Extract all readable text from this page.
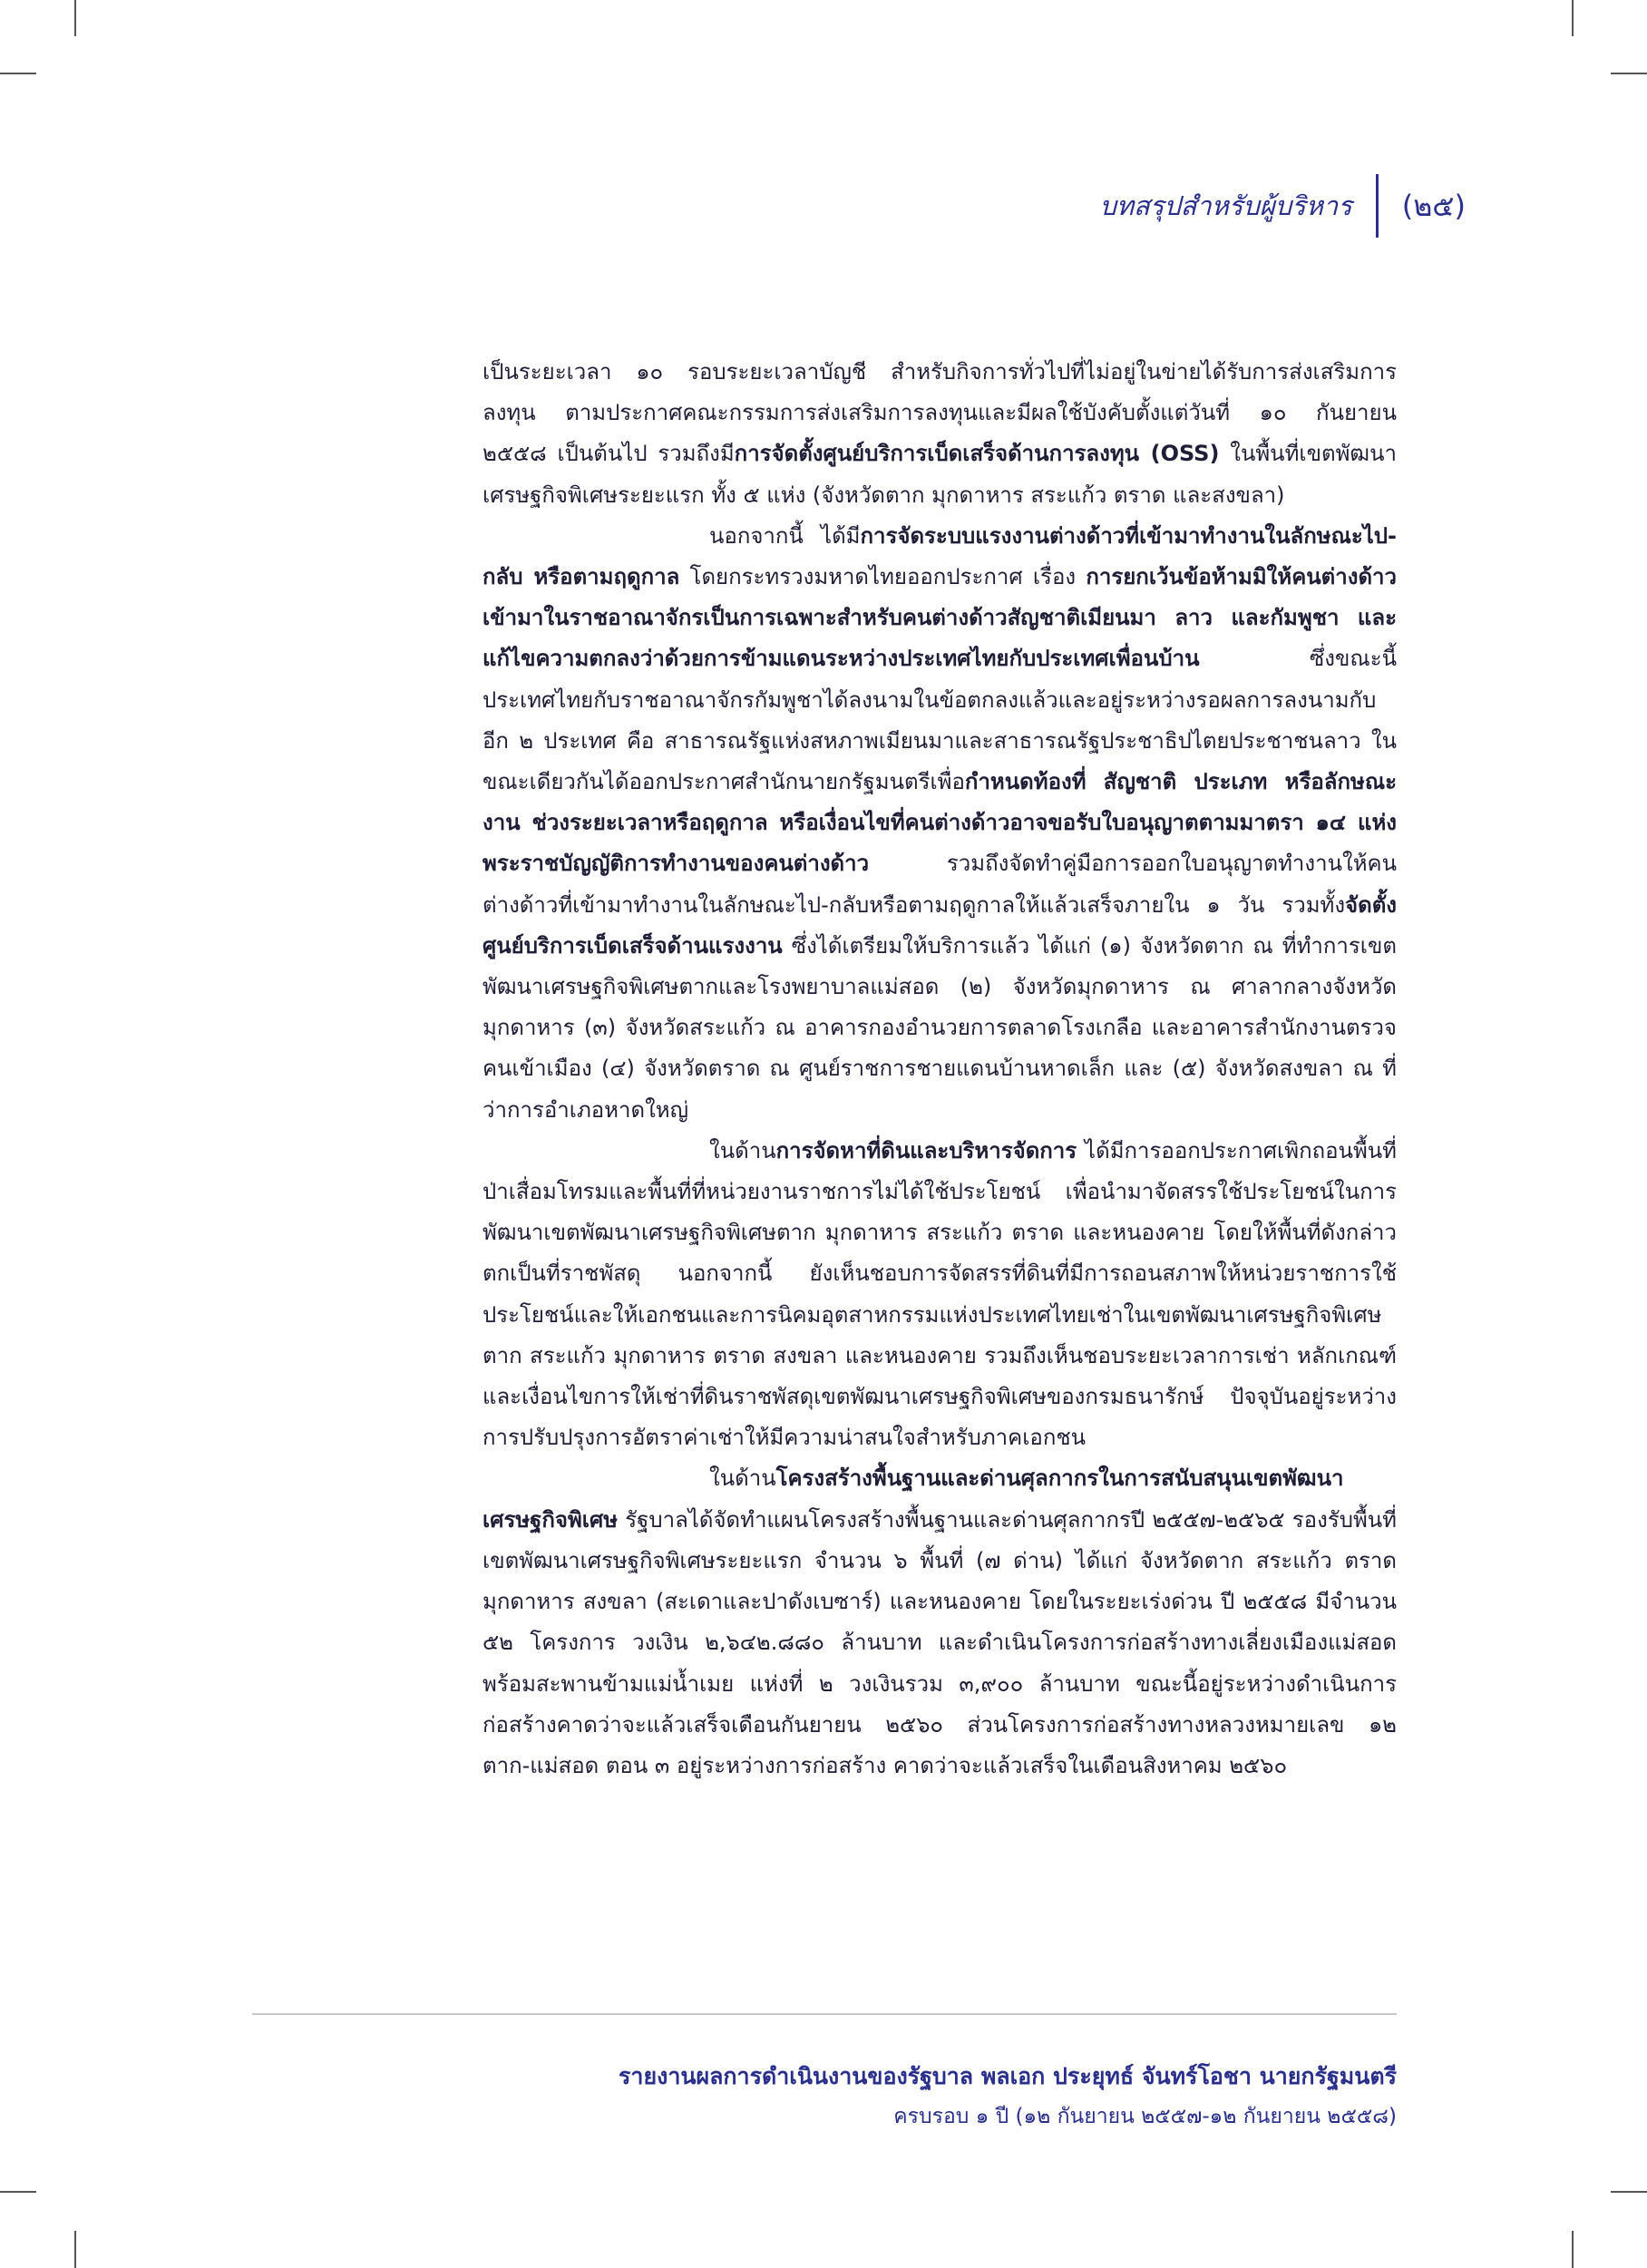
บทสรุปสำหรับผู้บริหาร (๒๕)

เป็นระยะเวลา ๑๐ รอบระยะเวลาบัญชี สำหรับกิจการทั่วไปที่ไม่อยู่ในข่ายได้รับการส่งเสริมการลงทุน ตามประกาศคณะกรรมการส่งเสริมการลงทุนและมีผลใช้บังคับตั้งแต่วันที่ ๑๐ กันยายน ๒๕๕๘ เป็นต้นไป รวมถึงมีการจัดตั้งศูนย์บริการเบ็ดเสร็จด้านการลงทุน (OSS) ในพื้นที่เขตพัฒนาเศรษฐกิจพิเศษระยะแรก ทั้ง ๕ แห่ง (จังหวัดตาก มุกดาหาร สระแก้ว ตราด และสงขลา)

นอกจากนี้ ได้มีการจัดระบบแรงงานต่างด้าวที่เข้ามาทำงานในลักษณะไป-กลับ หรือตามฤดูกาล โดยกระทรวงมหาดไทยออกประกาศ เรื่อง การยกเว้นข้อห้ามมิให้คนต่างด้าวเข้ามาในราชอาณาจักรเป็นการเฉพาะสำหรับคนต่างด้าวสัญชาติเมียนมา ลาว และกัมพูชา และแก้ไขความตกลงว่าด้วยการข้ามแดนระหว่างประเทศไทยกับประเทศเพื่อนบ้าน ซึ่งขณะนี้ประเทศไทยกับราชอาณาจักรกัมพูชาได้ลงนามในข้อตกลงแล้วและอยู่ระหว่างรอผลการลงนามกับอีก ๒ ประเทศ คือ สาธารณรัฐแห่งสหภาพเมียนมาและสาธารณรัฐประชาธิปไตยประชาชนลาว ในขณะเดียวกันได้ออกประกาศสำนักนายกรัฐมนตรีเพื่อกำหนดท้องที่ สัญชาติ ประเภท หรือลักษณะงาน ช่วงระยะเวลาหรือฤดูกาล หรือเงื่อนไขที่คนต่างด้าวอาจขอรับใบอนุญาตตามมาตรา ๑๔ แห่งพระราชบัญญัติการทำงานของคนต่างด้าว รวมถึงจัดทำคู่มือการออกใบอนุญาตทำงานให้คนต่างด้าวที่เข้ามาทำงานในลักษณะไป-กลับหรือตามฤดูกาลให้แล้วเสร็จภายใน ๑ วัน รวมทั้งจัดตั้งศูนย์บริการเบ็ดเสร็จด้านแรงงาน ซึ่งได้เตรียมให้บริการแล้ว ได้แก่ (๑) จังหวัดตาก ณ ที่ทำการเขตพัฒนาเศรษฐกิจพิเศษตากและโรงพยาบาลแม่สอด (๒) จังหวัดมุกดาหาร ณ ศาลากลางจังหวัดมุกดาหาร (๓) จังหวัดสระแก้ว ณ อาคารกองอำนวยการตลาดโรงเกลือ และอาคารสำนักงานตรวจคนเข้าเมือง (๔) จังหวัดตราด ณ ศูนย์ราชการชายแดนบ้านหาดเล็ก และ (๕) จังหวัดสงขลา ณ ที่ว่าการอำเภอหาดใหญ่

ในด้านการจัดหาที่ดินและบริหารจัดการ ได้มีการออกประกาศเพิกถอนพื้นที่ป่าเสื่อมโทรมและพื้นที่ที่หน่วยงานราชการไม่ได้ใช้ประโยชน์ เพื่อนำมาจัดสรรใช้ประโยชน์ในการพัฒนาเขตพัฒนาเศรษฐกิจพิเศษตาก มุกดาหาร สระแก้ว ตราด และหนองคาย โดยให้พื้นที่ดังกล่าวตกเป็นที่ราชพัสดุ นอกจากนี้ ยังเห็นชอบการจัดสรรที่ดินที่มีการถอนสภาพให้หน่วยราชการใช้ประโยชน์และให้เอกชนและการนิคมอุตสาหกรรมแห่งประเทศไทยเช่าในเขตพัฒนาเศรษฐกิจพิเศษตาก สระแก้ว มุกดาหาร ตราด สงขลา และหนองคาย รวมถึงเห็นชอบระยะเวลาการเช่า หลักเกณฑ์ และเงื่อนไขการให้เช่าที่ดินราชพัสดุเขตพัฒนาเศรษฐกิจพิเศษของกรมธนารักษ์ ปัจจุบันอยู่ระหว่างการปรับปรุงการอัตราค่าเช่าให้มีความน่าสนใจสำหรับภาคเอกชน

ในด้านโครงสร้างพื้นฐานและด่านศุลกากรในการสนับสนุนเขตพัฒนาเศรษฐกิจพิเศษ รัฐบาลได้จัดทำแผนโครงสร้างพื้นฐานและด่านศุลกากรปี ๒๕๕๗-๒๕๖๕ รองรับพื้นที่เขตพัฒนาเศรษฐกิจพิเศษระยะแรก จำนวน ๖ พื้นที่ (๗ ด่าน) ได้แก่ จังหวัดตาก สระแก้ว ตราด มุกดาหาร สงขลา (สะเดาและปาดังเบซาร์) และหนองคาย โดยในระยะเร่งด่วน ปี ๒๕๕๘ มีจำนวน ๕๒ โครงการ วงเงิน ๒,๖๔๒.๘๘๐ ล้านบาท และดำเนินโครงการก่อสร้างทางเลี่ยงเมืองแม่สอดพร้อมสะพานข้ามแม่น้ำเมย แห่งที่ ๒ วงเงินรวม ๓,๙๐๐ ล้านบาท ขณะนี้อยู่ระหว่างดำเนินการก่อสร้างคาดว่าจะแล้วเสร็จเดือนกันยายน ๒๕๖๐ ส่วนโครงการก่อสร้างทางหลวงหมายเลข ๑๒ ตาก-แม่สอด ตอน ๓ อยู่ระหว่างการก่อสร้าง คาดว่าจะแล้วเสร็จในเดือนสิงหาคม ๒๕๖๐

รายงานผลการดำเนินงานของรัฐบาล พลเอก ประยุทธ์ จันทร์โอชา นายกรัฐมนตรี
ครบรอบ ๑ ปี (๑๒ กันยายน ๒๕๕๗-๑๒ กันยายน ๒๕๕๘)
